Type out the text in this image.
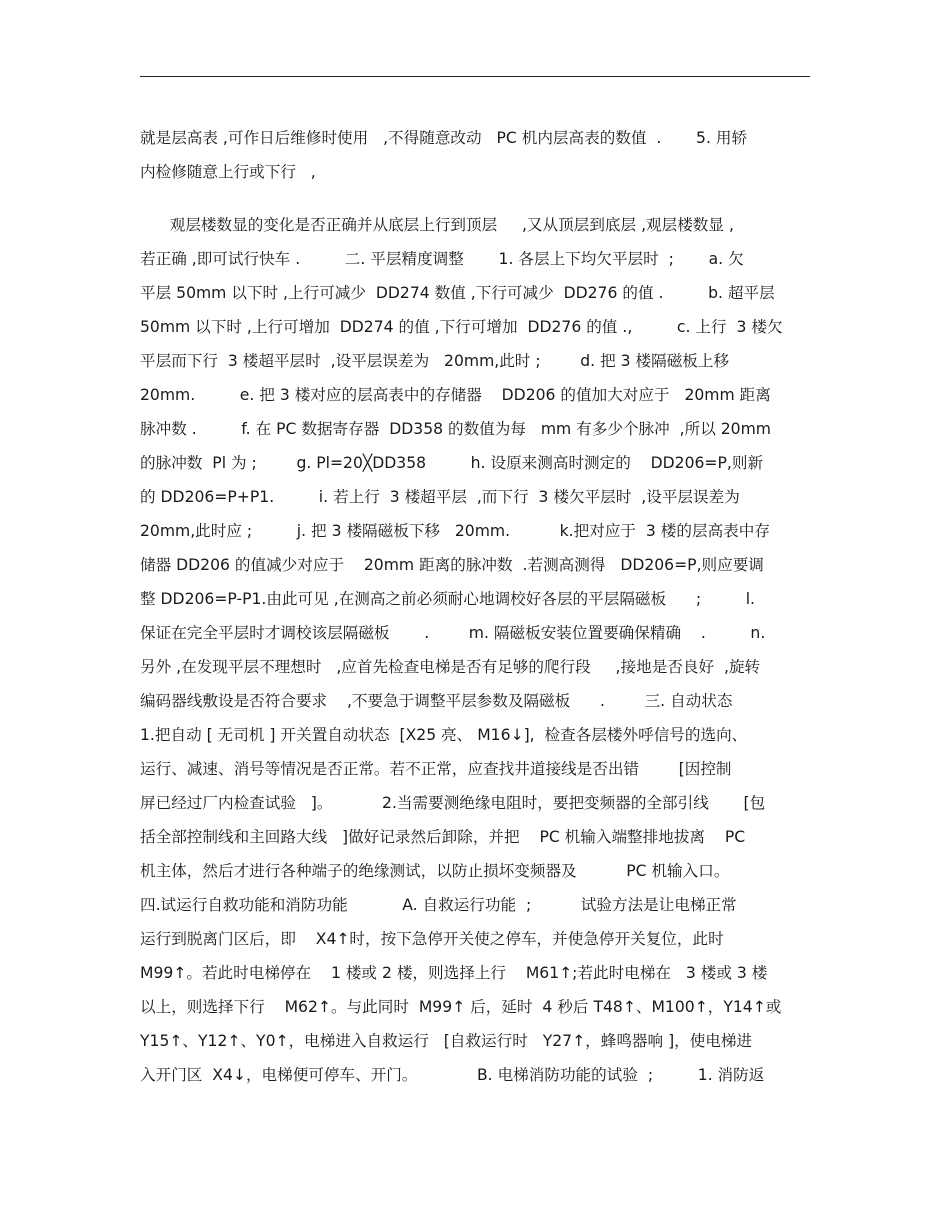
就是层高表 ,可作日后维修时使用   ,不得随意改动   PC 机内层高表的数值  .       5. 用轿
内检修随意上行或下行   ,
观层楼数显的变化是否正确并从底层上行到顶层     ,又从顶层到底层 ,观层楼数显 ,
若正确 ,即可试行快车 .         二. 平层精度调整       1. 各层上下均欠平层时  ;       a. 欠
平层 50mm 以下时 ,上行可减少  DD274 数值 ,下行可减少  DD276 的值 .         b. 超平层
50mm 以下时 ,上行可增加  DD274 的值 ,下行可增加  DD276 的值 .,         c. 上行  3 楼欠
平层而下行  3 楼超平层时  ,设平层误差为   20mm,此时 ;        d. 把 3 楼隔磁板上移
20mm.         e. 把 3 楼对应的层高表中的存储器    DD206 的值加大对应于   20mm 距离
脉冲数 .         f. 在 PC 数据寄存器  DD358 的数值为每   mm 有多少个脉冲  ,所以 20mm
的脉冲数  Pl 为 ;        g. Pl=20╳DD358         h. 设原来测高时测定的    DD206=P,则新
的 DD206=P+P1.         i. 若上行  3 楼超平层  ,而下行  3 楼欠平层时  ,设平层误差为
20mm,此时应 ;         j. 把 3 楼隔磁板下移   20mm.          k.把对应于  3 楼的层高表中存
储器 DD206 的值减少对应于    20mm 距离的脉冲数  .若测高测得   DD206=P,则应要调
整 DD206=P-P1.由此可见 ,在测高之前必须耐心地调校好各层的平层隔磁板      ;         l.
保证在完全平层时才调校该层隔磁板       .        m. 隔磁板安装位置要确保精确    .         n.
另外 ,在发现平层不理想时   ,应首先检查电梯是否有足够的爬行段     ,接地是否良好  ,旋转
编码器线敷设是否符合要求    ,不要急于调整平层参数及隔磁板      .        三. 自动状态
1.把自动 [ 无司机 ] 开关置自动状态  [X25 亮、 M16↓],  检查各层楼外呼信号的选向、
运行、减速、消号等情况是否正常。若不正常，应查找井道接线是否出错        [因控制
屏已经过厂内检查试验   ]。          2.当需要测绝缘电阻时，要把变频器的全部引线       [包
括全部控制线和主回路大线   ]做好记录然后卸除，并把    PC 机输入端整排地拔离    PC
机主体，然后才进行各种端子的绝缘测试，以防止损坏变频器及          PC 机输入口。
四.试运行自救功能和消防功能           A. 自救运行功能  ;          试验方法是让电梯正常
运行到脱离门区后，即    X4↑时，按下急停开关使之停车，并使急停开关复位，此时
M99↑。若此时电梯停在    1 楼或 2 楼，则选择上行    M61↑;若此时电梯在   3 楼或 3 楼
以上，则选择下行    M62↑。与此同时  M99↑ 后，延时  4 秒后 T48↑、M100↑，Y14↑或
Y15↑、Y12↑、Y0↑，电梯进入自救运行   [自救运行时   Y27↑，蜂鸣器响 ]，使电梯进
入开门区  X4↓，电梯便可停车、开门。            B. 电梯消防功能的试验  ;         1. 消防返
